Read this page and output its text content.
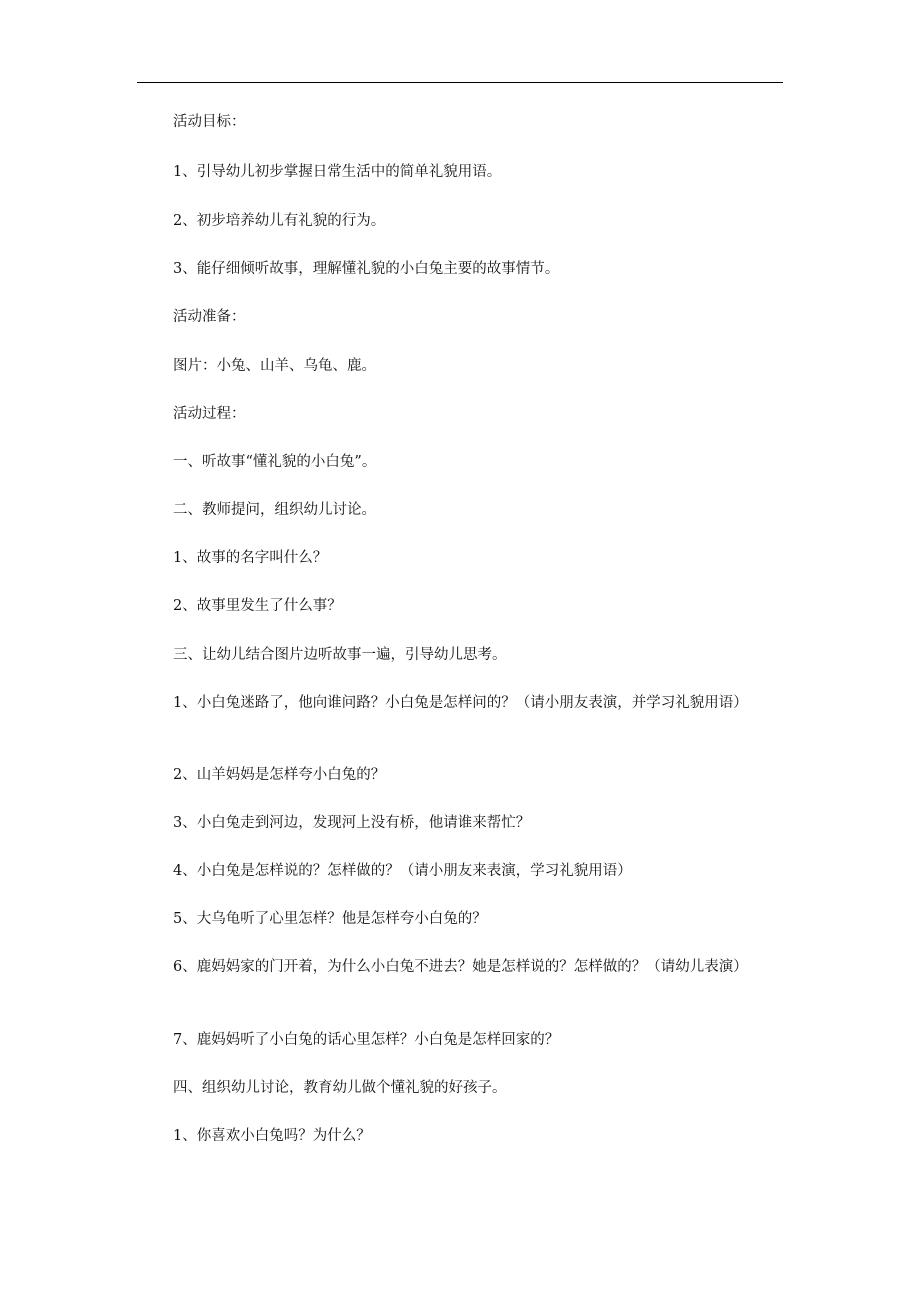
活动目标：

1、引导幼儿初步掌握日常生活中的简单礼貌用语。

2、初步培养幼儿有礼貌的行为。

3、能仔细倾听故事，理解懂礼貌的小白兔主要的故事情节。

活动准备：

图片：小兔、山羊、乌龟、鹿。

活动过程：

一、听故事“懂礼貌的小白兔”。

二、教师提问，组织幼儿讨论。

1、故事的名字叫什么？

2、故事里发生了什么事？

三、让幼儿结合图片边听故事一遍，引导幼儿思考。

1、小白兔迷路了，他向谁问路？小白兔是怎样问的？（请小朋友表演，并学习礼貌用语）

2、山羊妈妈是怎样夸小白兔的？

3、小白兔走到河边，发现河上没有桥，他请谁来帮忙？

4、小白兔是怎样说的？怎样做的？（请小朋友来表演，学习礼貌用语）

5、大乌龟听了心里怎样？他是怎样夸小白兔的？

6、鹿妈妈家的门开着，为什么小白兔不进去？她是怎样说的？怎样做的？（请幼儿表演）

7、鹿妈妈听了小白兔的话心里怎样？小白兔是怎样回家的？

四、组织幼儿讨论，教育幼儿做个懂礼貌的好孩子。

1、你喜欢小白兔吗？为什么？
